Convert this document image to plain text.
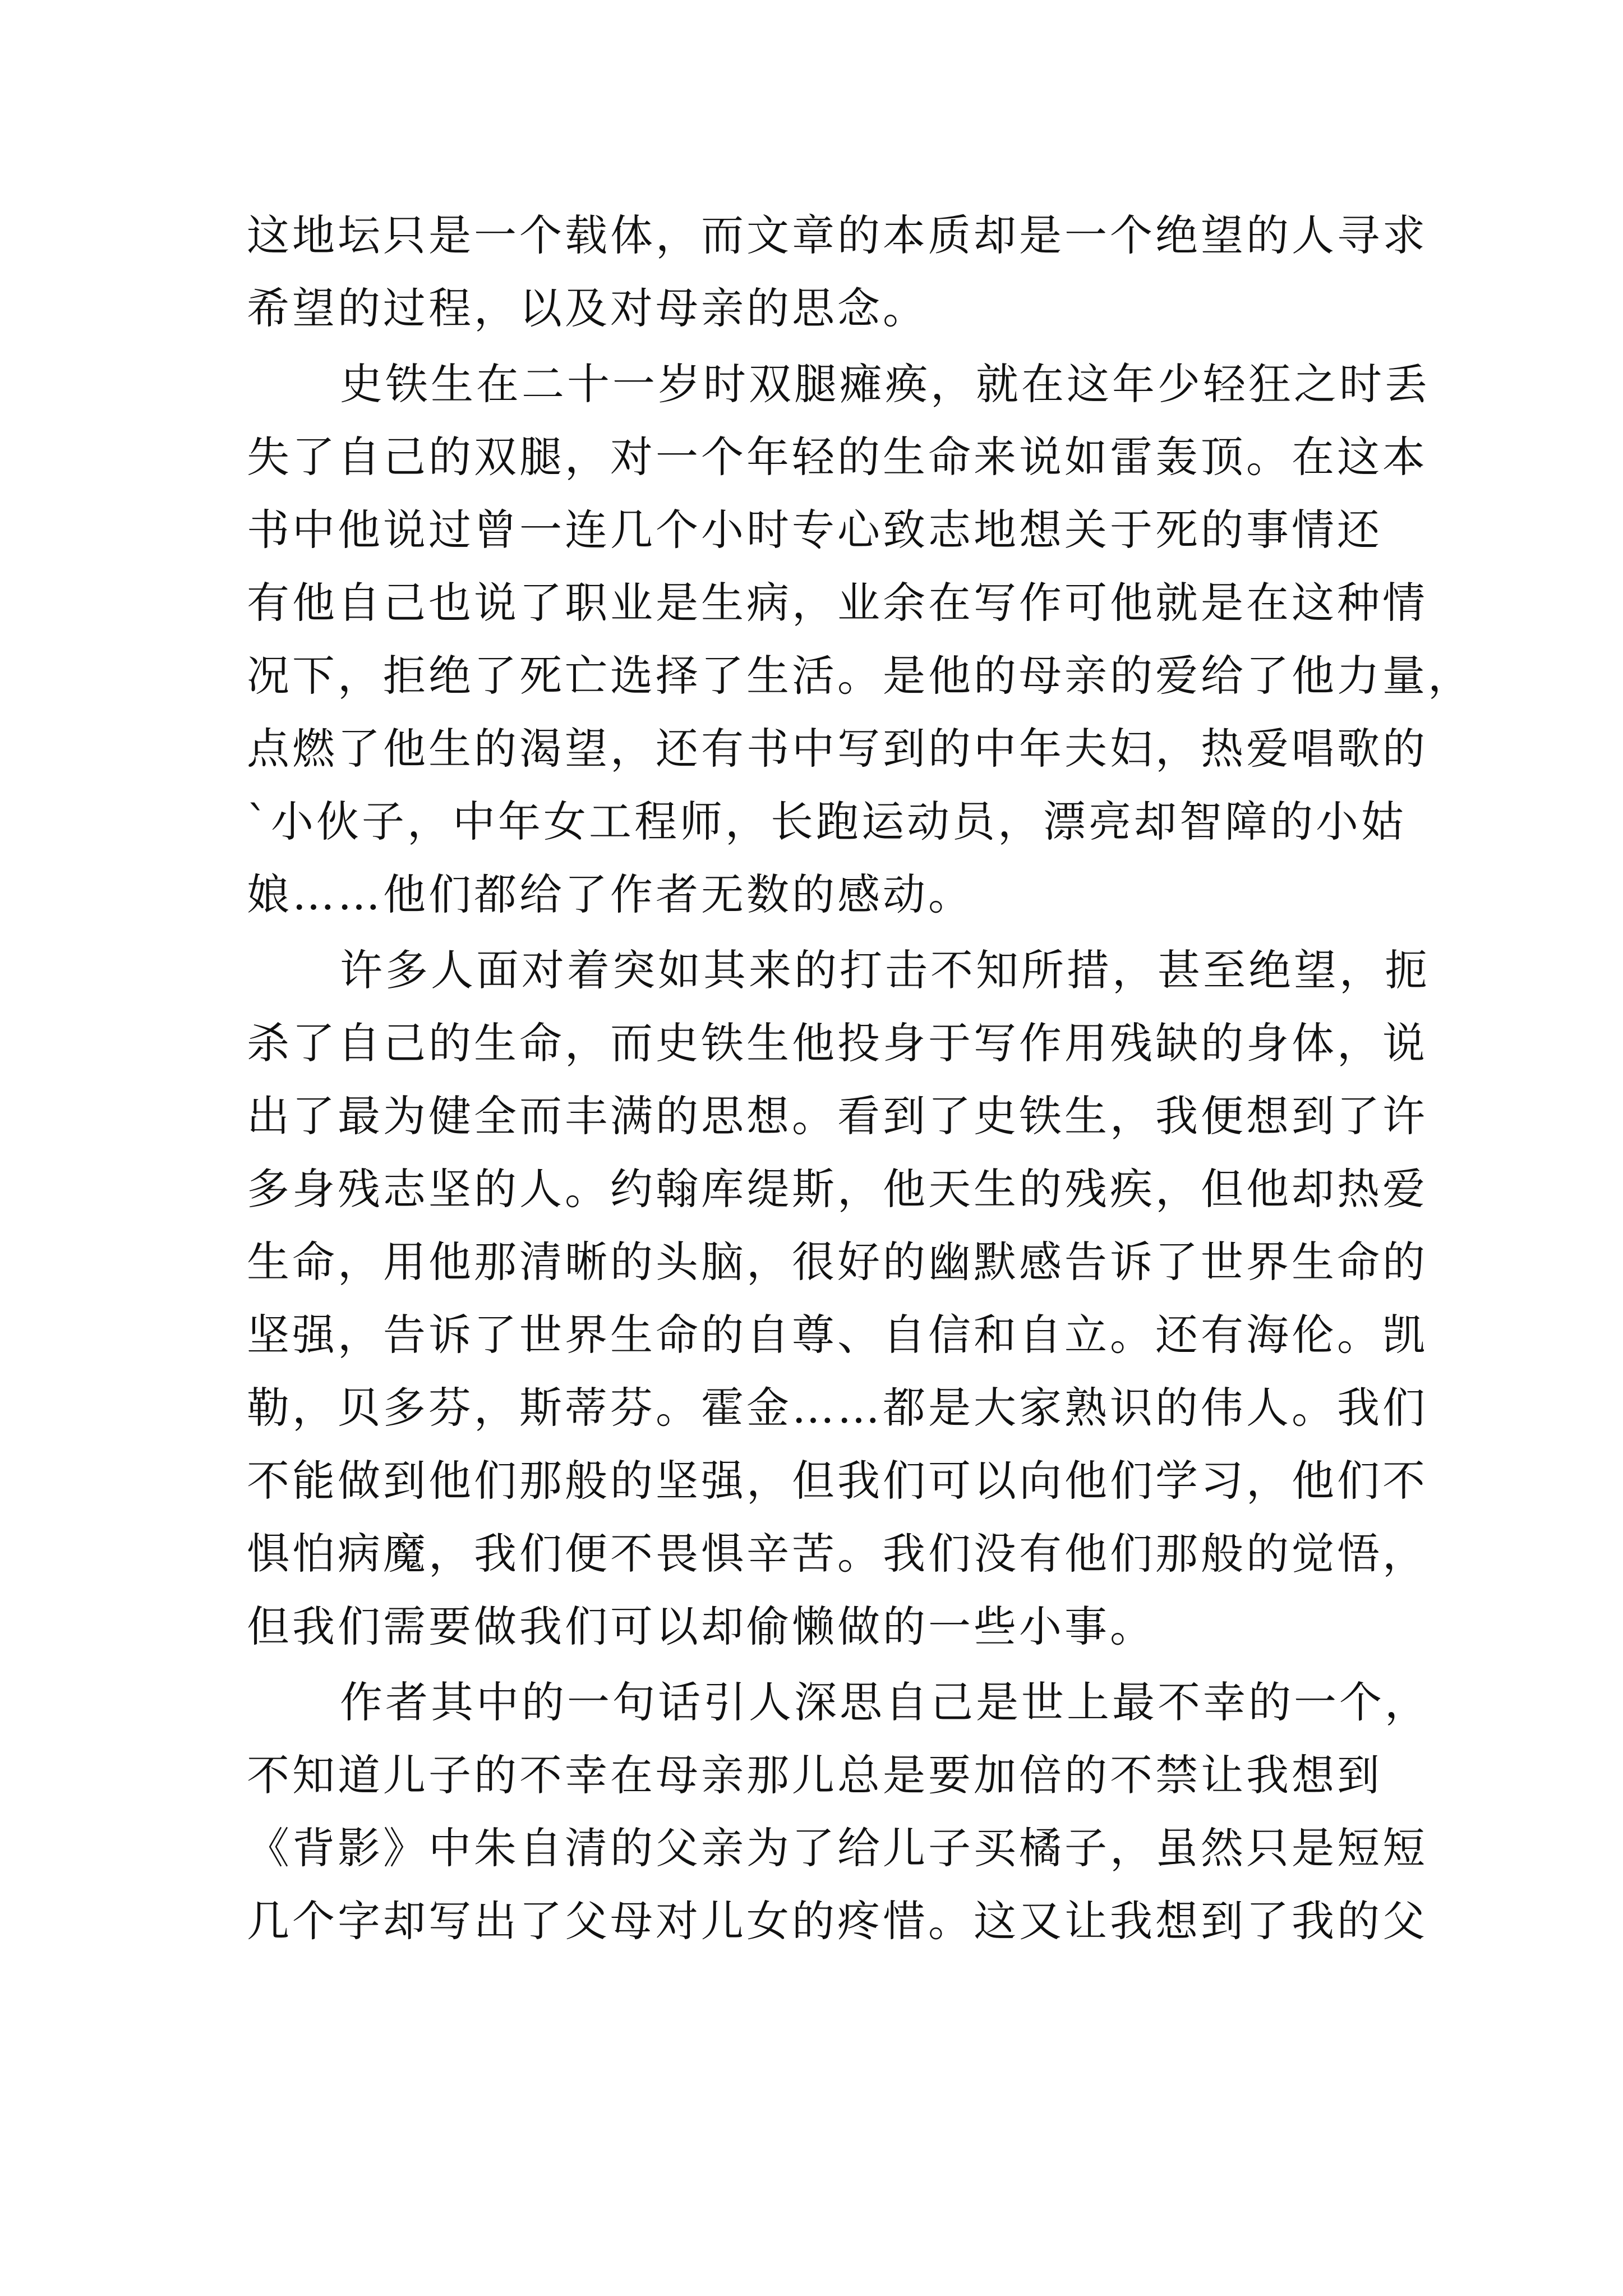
这地坛只是一个载体，而文章的本质却是一个绝望的人寻求
希望的过程，以及对母亲的思念。
史铁生在二十一岁时双腿瘫痪，就在这年少轻狂之时丢
失了自己的双腿，对一个年轻的生命来说如雷轰顶。在这本
书中他说过曾一连几个小时专心致志地想关于死的事情还
有他自己也说了职业是生病，业余在写作可他就是在这种情
况下，拒绝了死亡选择了生活。是他的母亲的爱给了他力量，
点燃了他生的渴望，还有书中写到的中年夫妇，热爱唱歌的
`小伙子，中年女工程师，长跑运动员，漂亮却智障的小姑
娘……他们都给了作者无数的感动。
许多人面对着突如其来的打击不知所措，甚至绝望，扼
杀了自己的生命，而史铁生他投身于写作用残缺的身体，说
出了最为健全而丰满的思想。看到了史铁生，我便想到了许
多身残志坚的人。约翰库缇斯，他天生的残疾，但他却热爱
生命，用他那清晰的头脑，很好的幽默感告诉了世界生命的
坚强，告诉了世界生命的自尊、自信和自立。还有海伦。凯
勒，贝多芬，斯蒂芬。霍金……都是大家熟识的伟人。我们
不能做到他们那般的坚强，但我们可以向他们学习，他们不
惧怕病魔，我们便不畏惧辛苦。我们没有他们那般的觉悟，
但我们需要做我们可以却偷懒做的一些小事。
作者其中的一句话引人深思自己是世上最不幸的一个，
不知道儿子的不幸在母亲那儿总是要加倍的不禁让我想到
《背影》中朱自清的父亲为了给儿子买橘子，虽然只是短短
几个字却写出了父母对儿女的疼惜。这又让我想到了我的父
